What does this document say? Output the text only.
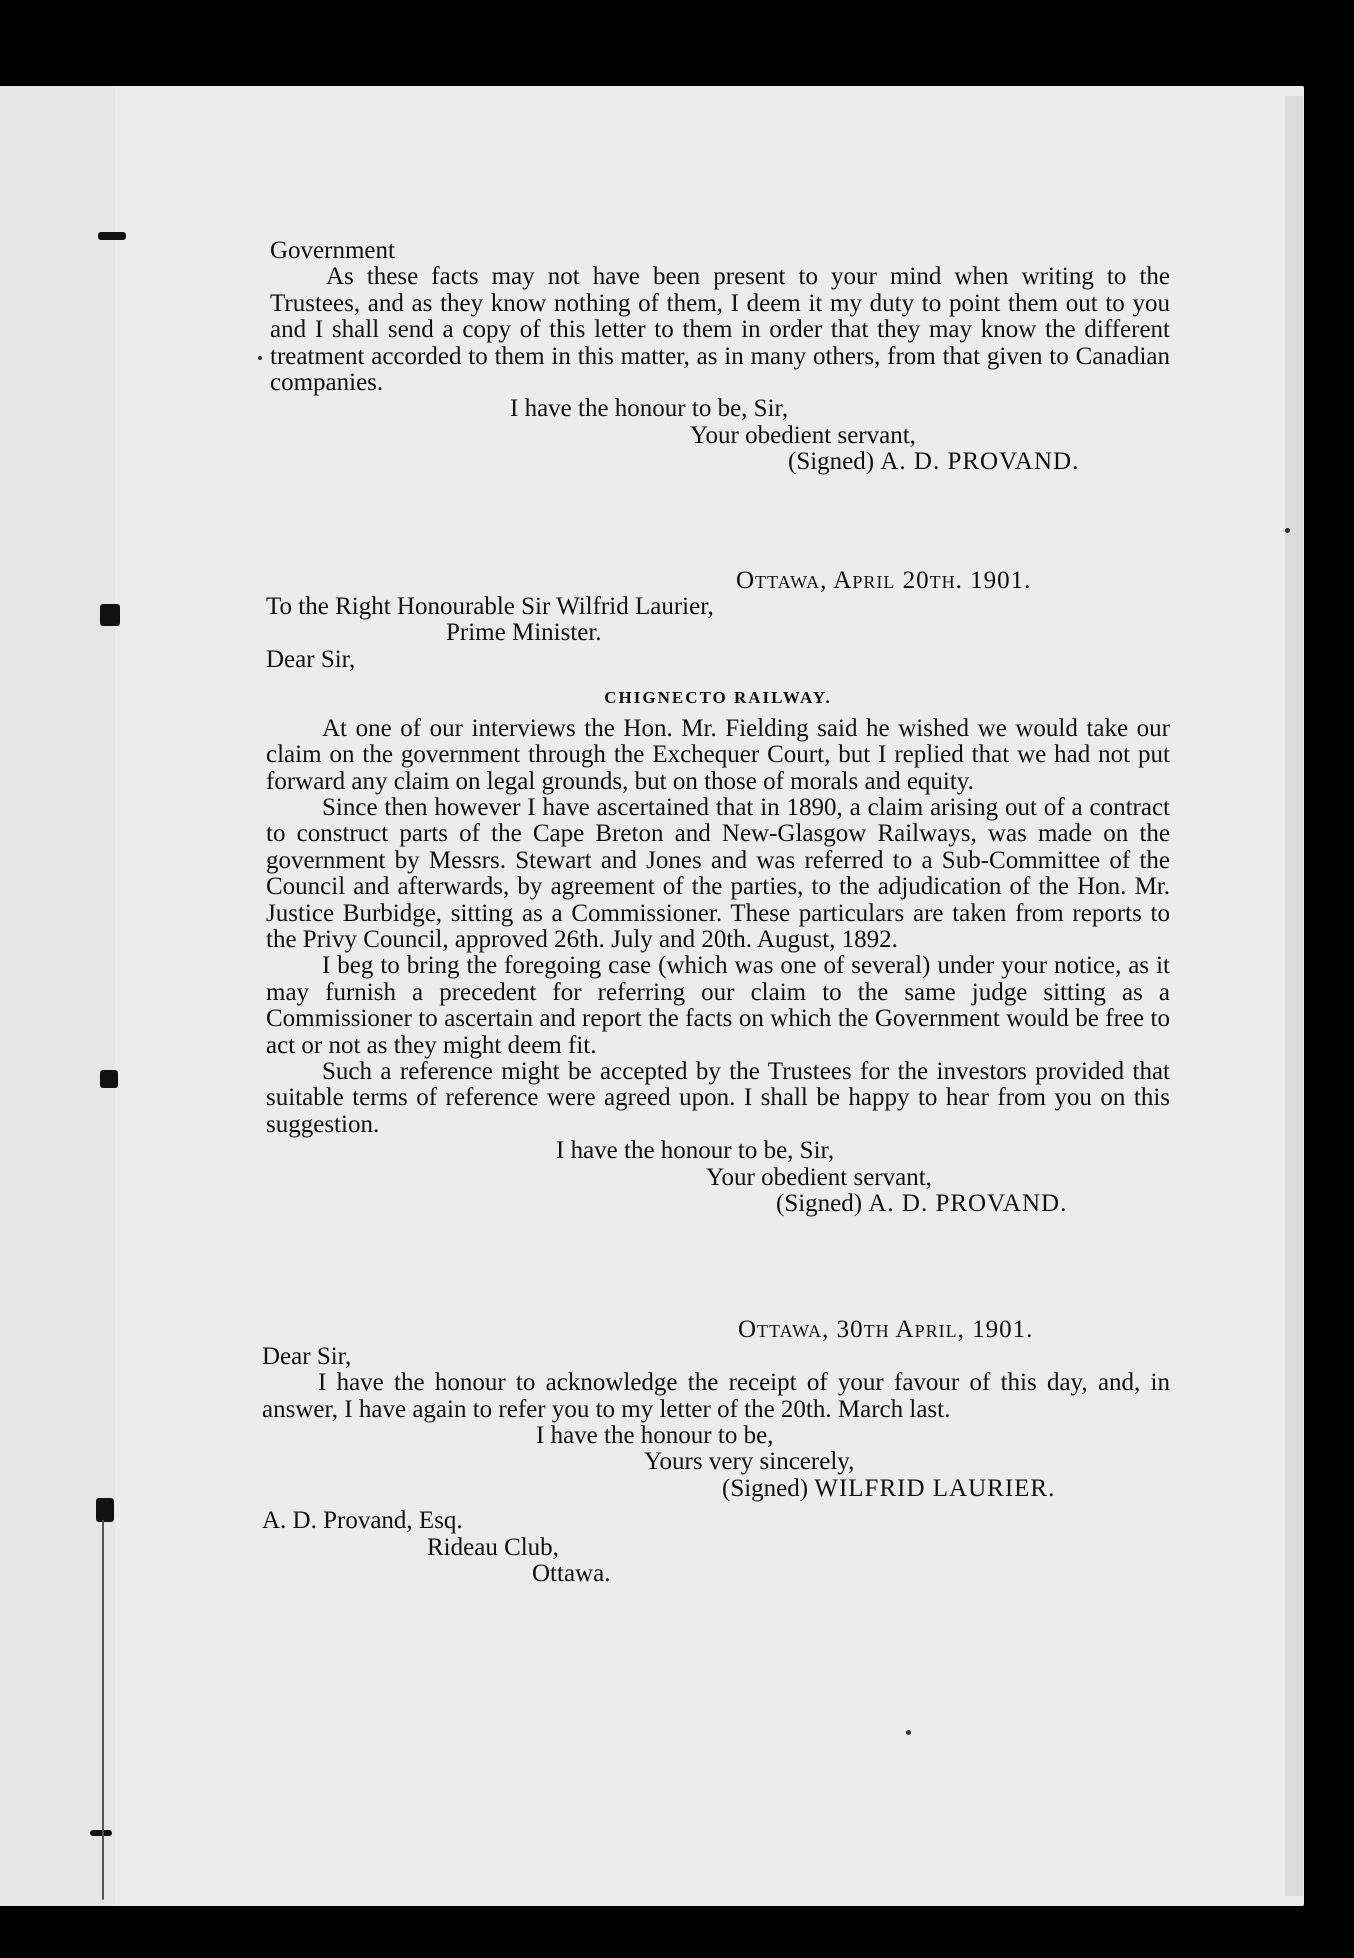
Government

As these facts may not have been present to your mind when writing to the Trustees, and as they know nothing of them, I deem it my duty to point them out to you and I shall send a copy of this letter to them in order that they may know the different treatment accorded to them in this matter, as in many others, from that given to Canadian companies.

I have the honour to be, Sir,

Your obedient servant,

(Signed) A. D. PROVAND.

Ottawa, April 20th. 1901.

To the Right Honourable Sir Wilfrid Laurier,

Prime Minister.

Dear Sir,

CHIGNECTO RAILWAY.

At one of our interviews the Hon. Mr. Fielding said he wished we would take our claim on the government through the Exchequer Court, but I replied that we had not put forward any claim on legal grounds, but on those of morals and equity.

Since then however I have ascertained that in 1890, a claim arising out of a contract to construct parts of the Cape Breton and New-Glasgow Railways, was made on the government by Messrs. Stewart and Jones and was referred to a Sub-Committee of the Council and afterwards, by agreement of the parties, to the adjudication of the Hon. Mr. Justice Burbidge, sitting as a Commissioner. These particulars are taken from reports to the Privy Council, approved 26th. July and 20th. August, 1892.

I beg to bring the foregoing case (which was one of several) under your notice, as it may furnish a precedent for referring our claim to the same judge sitting as a Commissioner to ascertain and report the facts on which the Government would be free to act or not as they might deem fit.

Such a reference might be accepted by the Trustees for the investors provided that suitable terms of reference were agreed upon. I shall be happy to hear from you on this suggestion.

I have the honour to be, Sir,

Your obedient servant,

(Signed) A. D. PROVAND.

Ottawa, 30th April, 1901.

Dear Sir,

I have the honour to acknowledge the receipt of your favour of this day, and, in answer, I have again to refer you to my letter of the 20th. March last.

I have the honour to be,

Yours very sincerely,

(Signed) WILFRID LAURIER.

A. D. Provand, Esq.

Rideau Club,

Ottawa.
